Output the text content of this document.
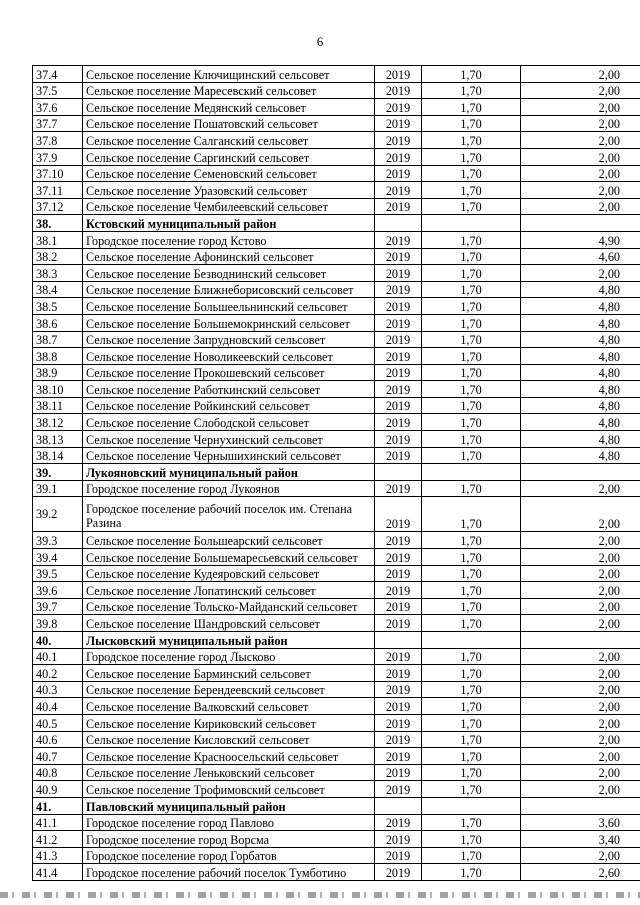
6
37.4	Сельское поселение Ключищинский сельсовет	2019	1,70	2,00
37.5	Сельское поселение Маресевский сельсовет	2019	1,70	2,00
37.6	Сельское поселение Медянский сельсовет	2019	1,70	2,00
37.7	Сельское поселение Пошатовский сельсовет	2019	1,70	2,00
37.8	Сельское поселение Салганский сельсовет	2019	1,70	2,00
37.9	Сельское поселение Саргинский сельсовет	2019	1,70	2,00
37.10	Сельское поселение Семеновский сельсовет	2019	1,70	2,00
37.11	Сельское поселение Уразовский сельсовет	2019	1,70	2,00
37.12	Сельское поселение Чембилеевский сельсовет	2019	1,70	2,00
38.	Кстовский муниципальный район			
38.1	Городское поселение город Кстово	2019	1,70	4,90
38.2	Сельское поселение Афонинский сельсовет	2019	1,70	4,60
38.3	Сельское поселение Безводнинский сельсовет	2019	1,70	2,00
38.4	Сельское поселение Ближнеборисовский сельсовет	2019	1,70	4,80
38.5	Сельское поселение Большеельнинский сельсовет	2019	1,70	4,80
38.6	Сельское поселение Большемокринский сельсовет	2019	1,70	4,80
38.7	Сельское поселение Запрудновский сельсовет	2019	1,70	4,80
38.8	Сельское поселение Новоликеевский сельсовет	2019	1,70	4,80
38.9	Сельское поселение Прокошевский сельсовет	2019	1,70	4,80
38.10	Сельское поселение Работкинский сельсовет	2019	1,70	4,80
38.11	Сельское поселение Ройкинский сельсовет	2019	1,70	4,80
38.12	Сельское поселение Слободской сельсовет	2019	1,70	4,80
38.13	Сельское поселение Чернухинский сельсовет	2019	1,70	4,80
38.14	Сельское поселение Чернышихинский сельсовет	2019	1,70	4,80
39.	Лукояновский муниципальный район			
39.1	Городское поселение город Лукоянов	2019	1,70	2,00
39.2	Городское поселение рабочий поселок им. Степана Разина	2019	1,70	2,00
39.3	Сельское поселение Большеарский сельсовет	2019	1,70	2,00
39.4	Сельское поселение Большемаресьевский сельсовет	2019	1,70	2,00
39.5	Сельское поселение Кудеяровский сельсовет	2019	1,70	2,00
39.6	Сельское поселение Лопатинский сельсовет	2019	1,70	2,00
39.7	Сельское поселение Тольско-Майданский сельсовет	2019	1,70	2,00
39.8	Сельское поселение Шандровский сельсовет	2019	1,70	2,00
40.	Лысковский муниципальный район			
40.1	Городское поселение город Лысково	2019	1,70	2,00
40.2	Сельское поселение Барминский сельсовет	2019	1,70	2,00
40.3	Сельское поселение Берендеевский сельсовет	2019	1,70	2,00
40.4	Сельское поселение Валковский сельсовет	2019	1,70	2,00
40.5	Сельское поселение Кириковский сельсовет	2019	1,70	2,00
40.6	Сельское поселение Кисловский сельсовет	2019	1,70	2,00
40.7	Сельское поселение Красноосельский сельсовет	2019	1,70	2,00
40.8	Сельское поселение Леньковский сельсовет	2019	1,70	2,00
40.9	Сельское поселение Трофимовский сельсовет	2019	1,70	2,00
41.	Павловский муниципальный район			
41.1	Городское поселение город Павлово	2019	1,70	3,60
41.2	Городское поселение город Ворсма	2019	1,70	3,40
41.3	Городское поселение город Горбатов	2019	1,70	2,00
41.4	Городское поселение рабочий поселок Тумботино	2019	1,70	2,60
